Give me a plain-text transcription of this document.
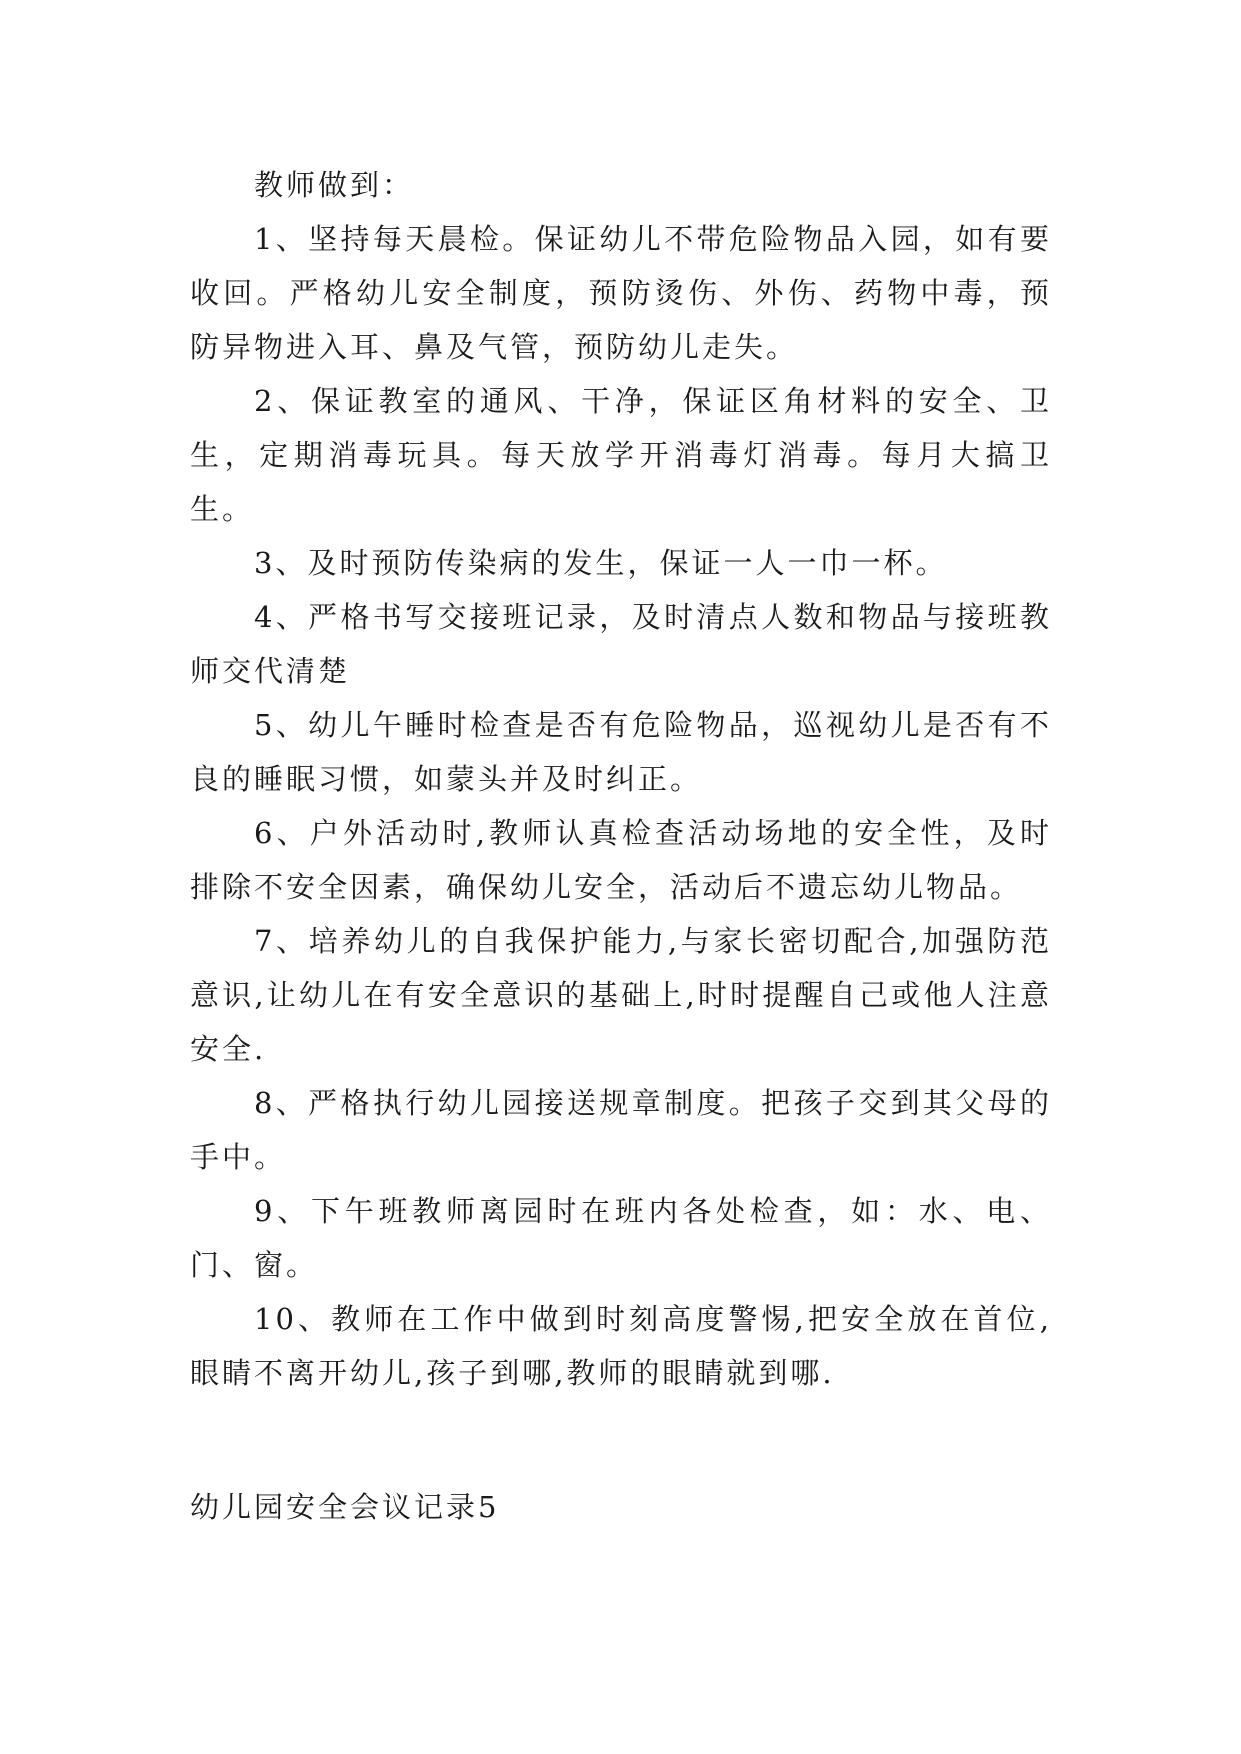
教师做到：

1、坚持每天晨检。保证幼儿不带危险物品入园，如有要收回。严格幼儿安全制度，预防烫伤、外伤、药物中毒，预防异物进入耳、鼻及气管，预防幼儿走失。

2、保证教室的通风、干净，保证区角材料的安全、卫生，定期消毒玩具。每天放学开消毒灯消毒。每月大搞卫生。

3、及时预防传染病的发生，保证一人一巾一杯。

4、严格书写交接班记录，及时清点人数和物品与接班教师交代清楚

5、幼儿午睡时检查是否有危险物品，巡视幼儿是否有不良的睡眠习惯，如蒙头并及时纠正。

6、户外活动时,教师认真检查活动场地的安全性，及时排除不安全因素，确保幼儿安全，活动后不遗忘幼儿物品。

7、培养幼儿的自我保护能力,与家长密切配合,加强防范意识,让幼儿在有安全意识的基础上,时时提醒自己或他人注意安全.

8、严格执行幼儿园接送规章制度。把孩子交到其父母的手中。

9、下午班教师离园时在班内各处检查，如：水、电、门、窗。

10、教师在工作中做到时刻高度警惕,把安全放在首位,眼睛不离开幼儿,孩子到哪,教师的眼睛就到哪.

幼儿园安全会议记录5
